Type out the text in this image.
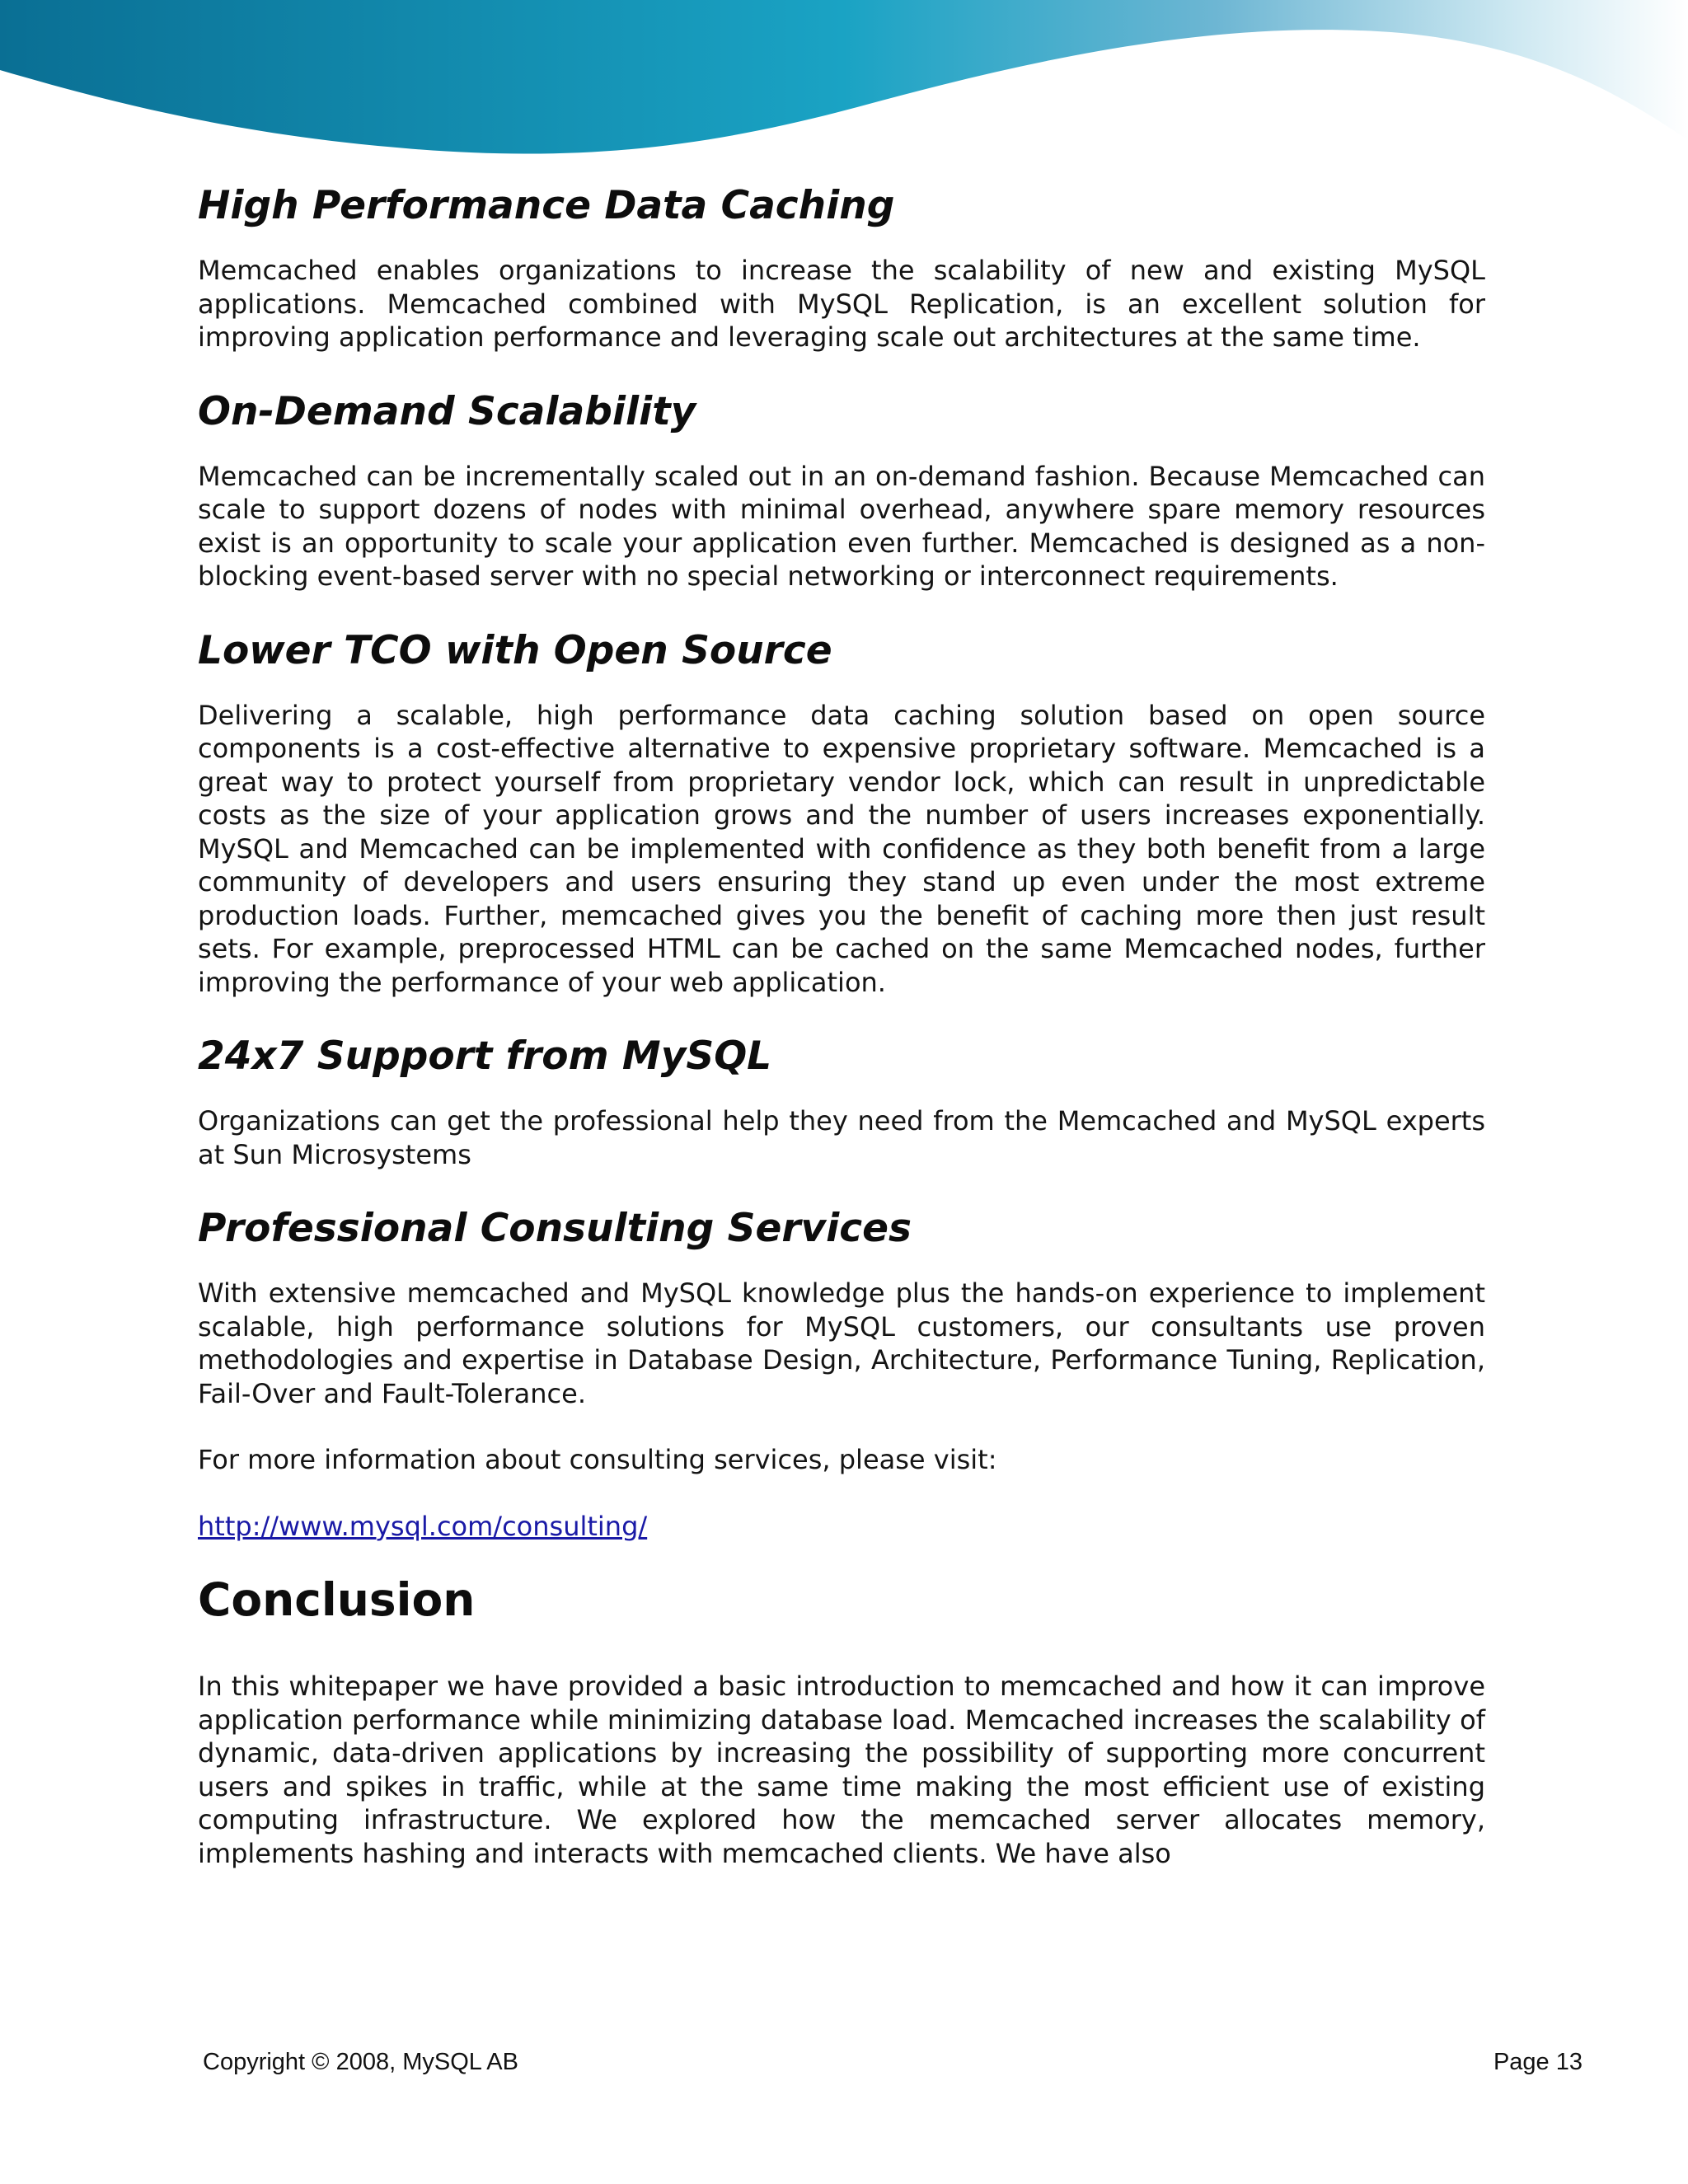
High Performance Data Caching

Memcached enables organizations to increase the scalability of new and existing MySQL applications. Memcached combined with MySQL Replication, is an excellent solution for improving application performance and leveraging scale out architectures at the same time.

On-Demand Scalability

Memcached can be incrementally scaled out in an on-demand fashion. Because Memcached can scale to support dozens of nodes with minimal overhead, anywhere spare memory resources exist is an opportunity to scale your application even further. Memcached is designed as a non-blocking event-based server with no special networking or interconnect requirements.

Lower TCO with Open Source

Delivering a scalable, high performance data caching solution based on open source components is a cost-effective alternative to expensive proprietary software. Memcached is a great way to protect yourself from proprietary vendor lock, which can result in unpredictable costs as the size of your application grows and the number of users increases exponentially. MySQL and Memcached can be implemented with confidence as they both benefit from a large community of developers and users ensuring they stand up even under the most extreme production loads. Further, memcached gives you the benefit of caching more then just result sets. For example, preprocessed HTML can be cached on the same Memcached nodes, further improving the performance of your web application.

24x7 Support from MySQL

Organizations can get the professional help they need from the Memcached and MySQL experts at Sun Microsystems

Professional Consulting Services

With extensive memcached and MySQL knowledge plus the hands-on experience to implement scalable, high performance solutions for MySQL customers, our consultants use proven methodologies and expertise in Database Design, Architecture, Performance Tuning, Replication, Fail-Over and Fault-Tolerance.

For more information about consulting services, please visit:

http://www.mysql.com/consulting/
Conclusion

In this whitepaper we have provided a basic introduction to memcached and how it can improve application performance while minimizing database load. Memcached increases the scalability of dynamic, data-driven applications by increasing the possibility of supporting more concurrent users and spikes in traffic, while at the same time making the most efficient use of existing computing infrastructure. We explored how the memcached server allocates memory, implements hashing and interacts with memcached clients. We have also

Copyright © 2008, MySQL AB	Page 13
